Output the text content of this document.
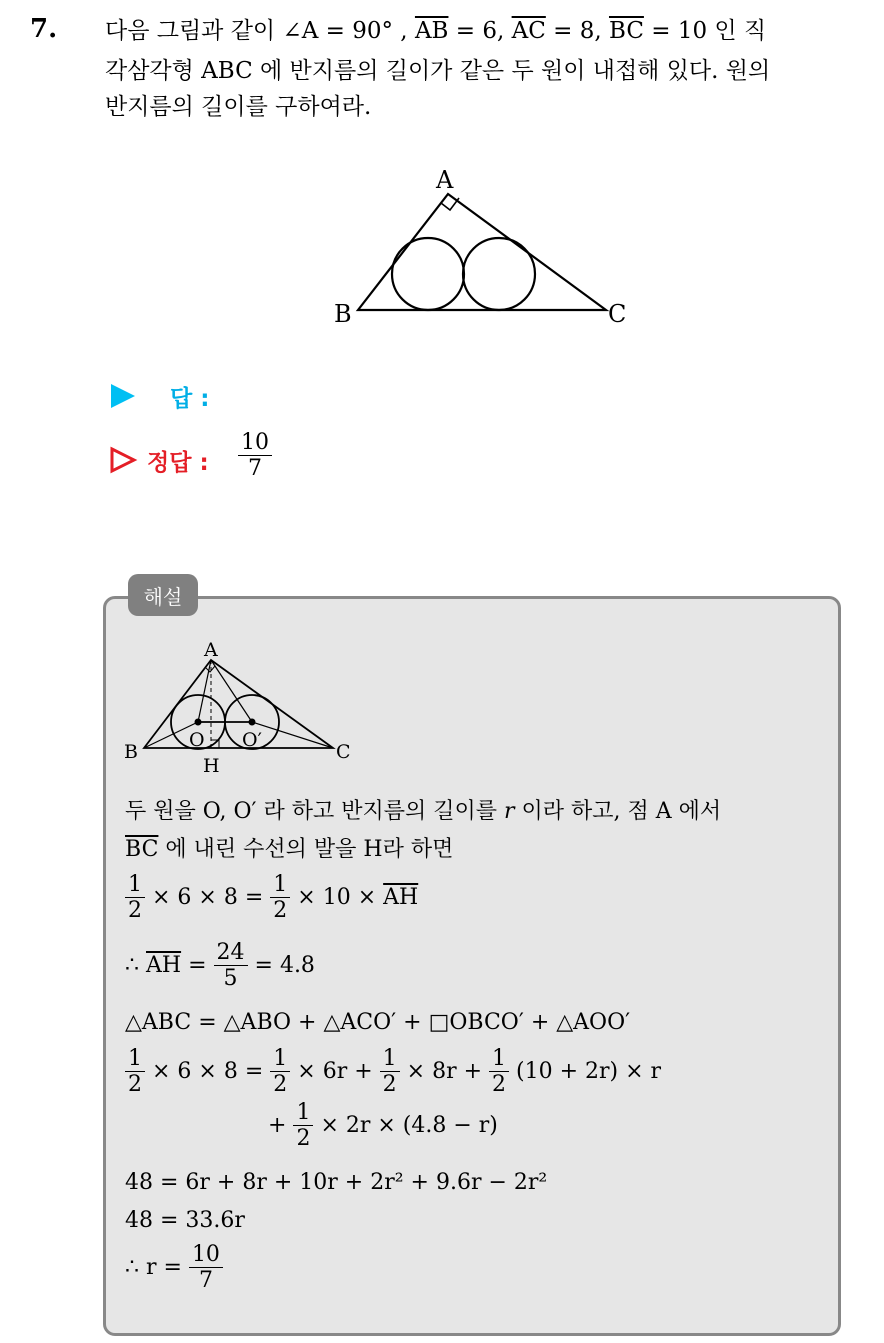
7. 다음 그림과 같이 ∠A = 90° , $\overline{AB} = 6$, $\overline{AC} = 8$, $\overline{BC} = 10$ 인 직
각삼각형 ABC 에 반지름의 길이가 같은 두 원이 내접해 있다. 원의
반지름의 길이를 구하여라.
A
B	C
답 :
정답 : $\frac{10}{7}$
해설
A
B	C
O O′
H
두 원을 O, O′ 라 하고 반지름의 길이를 r 이라 하고, 점 A 에서
$\overline{BC}$ 에 내린 수선의 발을 H라 하면
$\frac{1}{2} \times 6 \times 8 = \frac{1}{2} \times 10 \times \overline{AH}$
∴ $\overline{AH} = \frac{24}{5} = 4.8$
△ABC = △ABO + △ACO′ + □OBCO′ + △AOO′
$\frac{1}{2} \times 6 \times 8 = \frac{1}{2} \times 6r + \frac{1}{2} \times 8r + \frac{1}{2} (10 + 2r) \times r$
+ $\frac{1}{2} \times 2r \times (4.8 - r)$
48 = 6r + 8r + 10r + 2r² + 9.6r − 2r²
48 = 33.6r
∴ $r = \frac{10}{7}$
